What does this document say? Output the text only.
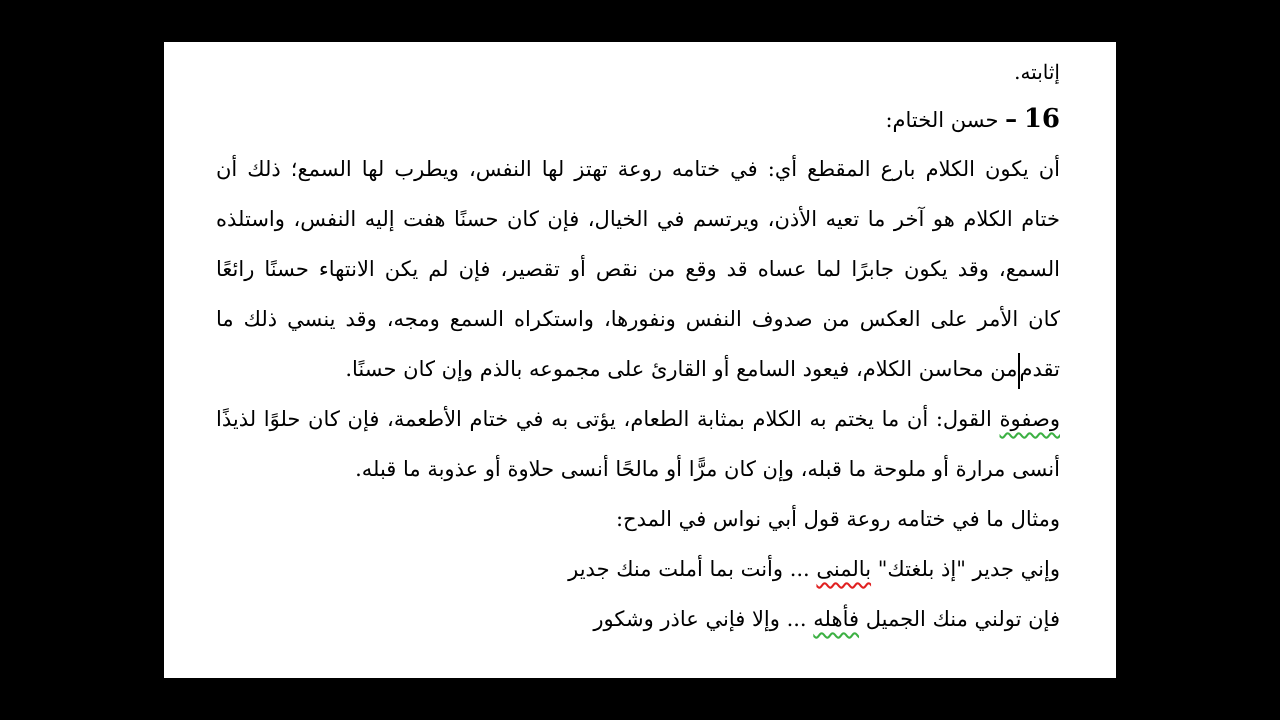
إثابته.
16 – حسن الختام:
أن يكون الكلام بارع المقطع أي: في ختامه روعة تهتز لها النفس، ويطرب لها السمع؛ ذلك أن
ختام الكلام هو آخر ما تعيه الأذن، ويرتسم في الخيال، فإن كان حسنًا هفت إليه النفس، واستلذه
السمع، وقد يكون جابرًا لما عساه قد وقع من نقص أو تقصير، فإن لم يكن الانتهاء حسنًا رائعًا
كان الأمر على العكس من صدوف النفس ونفورها، واستكراه السمع ومجه، وقد ينسي ذلك ما
تقدممن محاسن الكلام، فيعود السامع أو القارئ على مجموعه بالذم وإن كان حسنًا.
وصفوة القول: أن ما يختم به الكلام بمثابة الطعام، يؤتى به في ختام الأطعمة، فإن كان حلوًا لذيذًا
أنسى مرارة أو ملوحة ما قبله، وإن كان مرًّا أو مالحًا أنسى حلاوة أو عذوبة ما قبله.
ومثال ما في ختامه روعة قول أبي نواس في المدح:
وإني جدير "إذ بلغتك" بالمنى ... وأنت بما أملت منك جدير
فإن تولني منك الجميل فأهله ... وإلا فإني عاذر وشكور
